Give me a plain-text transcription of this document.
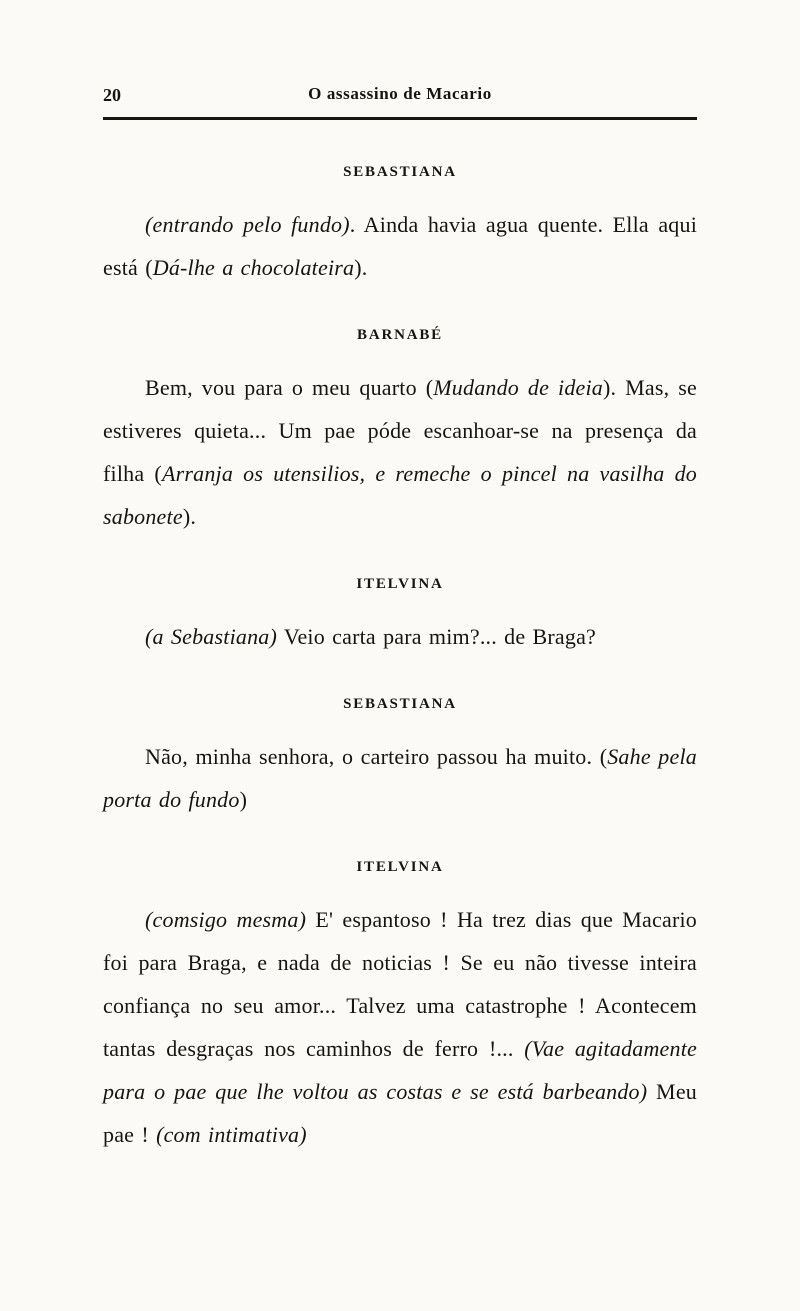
20	O assassino de Macario
SEBASTIANA

(entrando pelo fundo). Ainda havia agua quente. Ella aqui está (Dá-lhe a chocolateira).

BARNABÉ

Bem, vou para o meu quarto (Mudando de ideia). Mas, se estiveres quieta... Um pae póde escanhoar-se na presença da filha (Arranja os utensilios, e remeche o pincel na vasilha do sabonete).

ITELVINA

(a Sebastiana) Veio carta para mim?... de Braga?

SEBASTIANA

Não, minha senhora, o carteiro passou ha muito. (Sahe pela porta do fundo)

ITELVINA

(comsigo mesma) E' espantoso ! Ha trez dias que Macario foi para Braga, e nada de noticias ! Se eu não tivesse inteira confiança no seu amor... Talvez uma catastrophe ! Acontecem tantas desgraças nos caminhos de ferro !... (Vae agitadamente para o pae que lhe voltou as costas e se está barbeando) Meu pae ! (com intimativa)
